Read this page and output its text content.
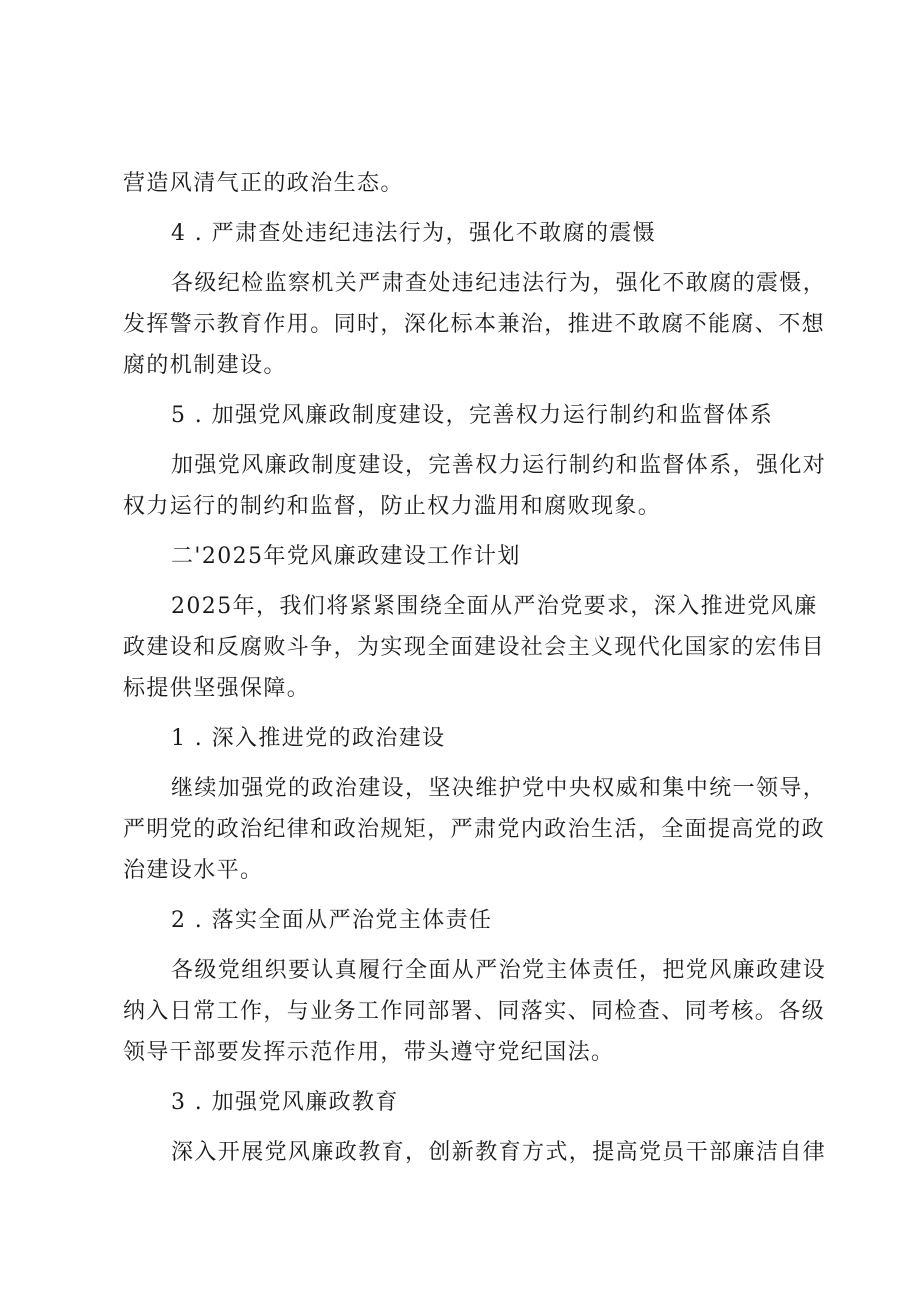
营造风清气正的政治生态。
4 . 严肃查处违纪违法行为，强化不敢腐的震慑
各级纪检监察机关严肃查处违纪违法行为，强化不敢腐的震慑，
发挥警示教育作用。同时，深化标本兼治，推进不敢腐不能腐、不想
腐的机制建设。
5 . 加强党风廉政制度建设，完善权力运行制约和监督体系
加强党风廉政制度建设，完善权力运行制约和监督体系，强化对
权力运行的制约和监督，防止权力滥用和腐败现象。
二'2025年党风廉政建设工作计划
2025年，我们将紧紧围绕全面从严治党要求，深入推进党风廉
政建设和反腐败斗争，为实现全面建设社会主义现代化国家的宏伟目
标提供坚强保障。
1 . 深入推进党的政治建设
继续加强党的政治建设，坚决维护党中央权威和集中统一领导，
严明党的政治纪律和政治规矩，严肃党内政治生活，全面提高党的政
治建设水平。
2 . 落实全面从严治党主体责任
各级党组织要认真履行全面从严治党主体责任，把党风廉政建设
纳入日常工作，与业务工作同部署、同落实、同检查、同考核。各级
领导干部要发挥示范作用，带头遵守党纪国法。
3 . 加强党风廉政教育
深入开展党风廉政教育，创新教育方式，提高党员干部廉洁自律
